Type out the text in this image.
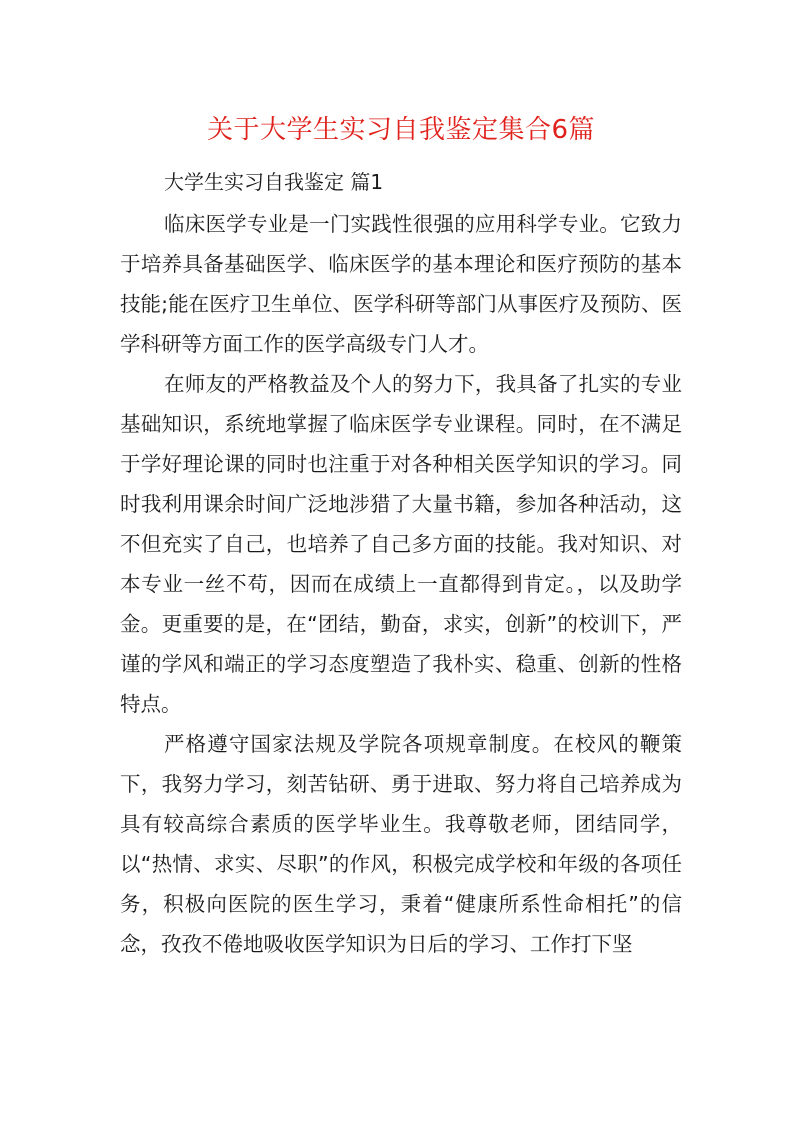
关于大学生实习自我鉴定集合6篇

大学生实习自我鉴定 篇1

临床医学专业是一门实践性很强的应用科学专业。它致力于培养具备基础医学、临床医学的基本理论和医疗预防的基本技能;能在医疗卫生单位、医学科研等部门从事医疗及预防、医学科研等方面工作的医学高级专门人才。

在师友的严格教益及个人的努力下，我具备了扎实的专业基础知识，系统地掌握了临床医学专业课程。同时，在不满足于学好理论课的同时也注重于对各种相关医学知识的学习。同时我利用课余时间广泛地涉猎了大量书籍，参加各种活动，这不但充实了自己，也培养了自己多方面的技能。我对知识、对本专业一丝不苟，因而在成绩上一直都得到肯定。，以及助学金。更重要的是，在“团结，勤奋，求实，创新”的校训下，严谨的学风和端正的学习态度塑造了我朴实、稳重、创新的性格特点。

严格遵守国家法规及学院各项规章制度。在校风的鞭策下，我努力学习，刻苦钻研、勇于进取、努力将自己培养成为具有较高综合素质的医学毕业生。我尊敬老师，团结同学，以“热情、求实、尽职”的作风，积极完成学校和年级的各项任务，积极向医院的医生学习，秉着“健康所系性命相托”的信念，孜孜不倦地吸收医学知识为日后的学习、工作打下坚
